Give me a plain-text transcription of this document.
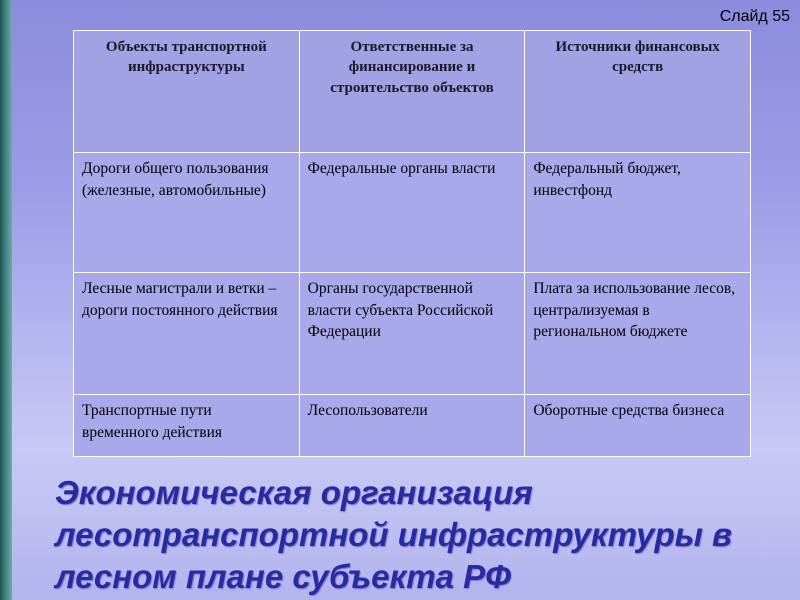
Слайд 55
Объекты транспортной инфраструктуры	Ответственные за финансирование и строительство объектов	Источники финансовых средств
Дороги общего пользования (железные, автомобильные)	Федеральные органы власти	Федеральный бюджет, инвестфонд
Лесные магистрали и ветки – дороги постоянного действия	Органы государственной власти субъекта Российской Федерации	Плата за использование лесов, централизуемая в региональном бюджете
Транспортные пути временного действия	Лесопользователи	Оборотные средства бизнеса
Экономическая организация лесотранспортной инфраструктуры в лесном плане субъекта РФ
